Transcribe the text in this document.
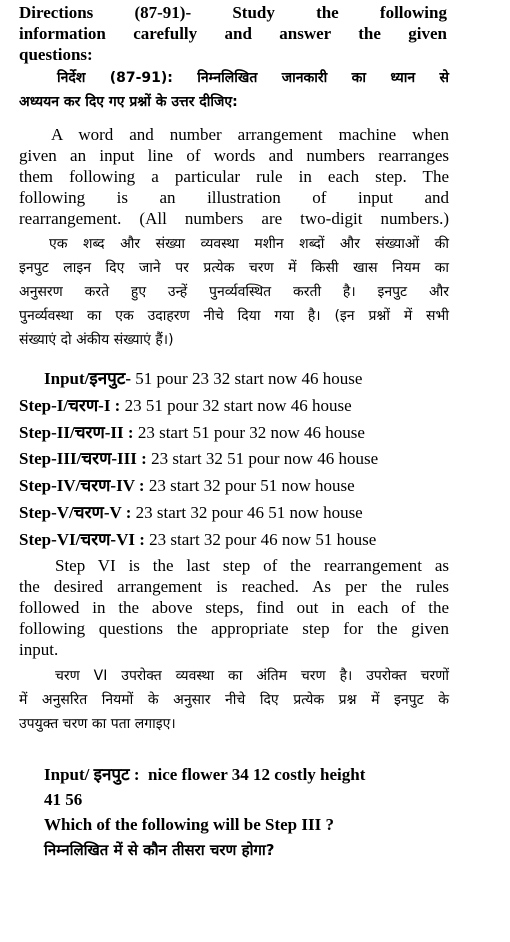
Directions (87-91)- Study the following
information carefully and answer the given
questions:
निर्देश (87-91): निम्नलिखित जानकारी का ध्यान से
अध्ययन कर दिए गए प्रश्नों के उत्तर दीजिए:
A word and number arrangement machine when
given an input line of words and numbers rearranges
them following a particular rule in each step. The
following is an illustration of input and
rearrangement. (All numbers are two-digit numbers.)
एक शब्द और संख्या व्यवस्था मशीन शब्दों और संख्याओं की
इनपुट लाइन दिए जाने पर प्रत्येक चरण में किसी खास नियम का
अनुसरण करते हुए उन्हें पुनर्व्यवस्थित करती है। इनपुट और
पुनर्व्यवस्था का एक उदाहरण नीचे दिया गया है। (इन प्रश्नों में सभी
संख्याएं दो अंकीय संख्याएं हैं।)
Input/इनपुट- 51 pour 23 32 start now 46 house
Step-I/चरण-I : 23 51 pour 32 start now 46 house
Step-II/चरण-II : 23 start 51 pour 32 now 46 house
Step-III/चरण-III : 23 start 32 51 pour now 46 house
Step-IV/चरण-IV : 23 start 32 pour 51 now house
Step-V/चरण-V : 23 start 32 pour 46 51 now house
Step-VI/चरण-VI : 23 start 32 pour 46 now 51 house
Step VI is the last step of the rearrangement as
the desired arrangement is reached. As per the rules
followed in the above steps, find out in each of the
following questions the appropriate step for the given
input.
चरण VI उपरोक्त व्यवस्था का अंतिम चरण है। उपरोक्त चरणों
में अनुसरित नियमों के अनुसार नीचे दिए प्रत्येक प्रश्न में इनपुट के
उपयुक्त चरण का पता लगाइए।
Input/ इनपुट :  nice flower 34 12 costly height
41 56
Which of the following will be Step III ?
निम्नलिखित में से कौन तीसरा चरण होगा?
